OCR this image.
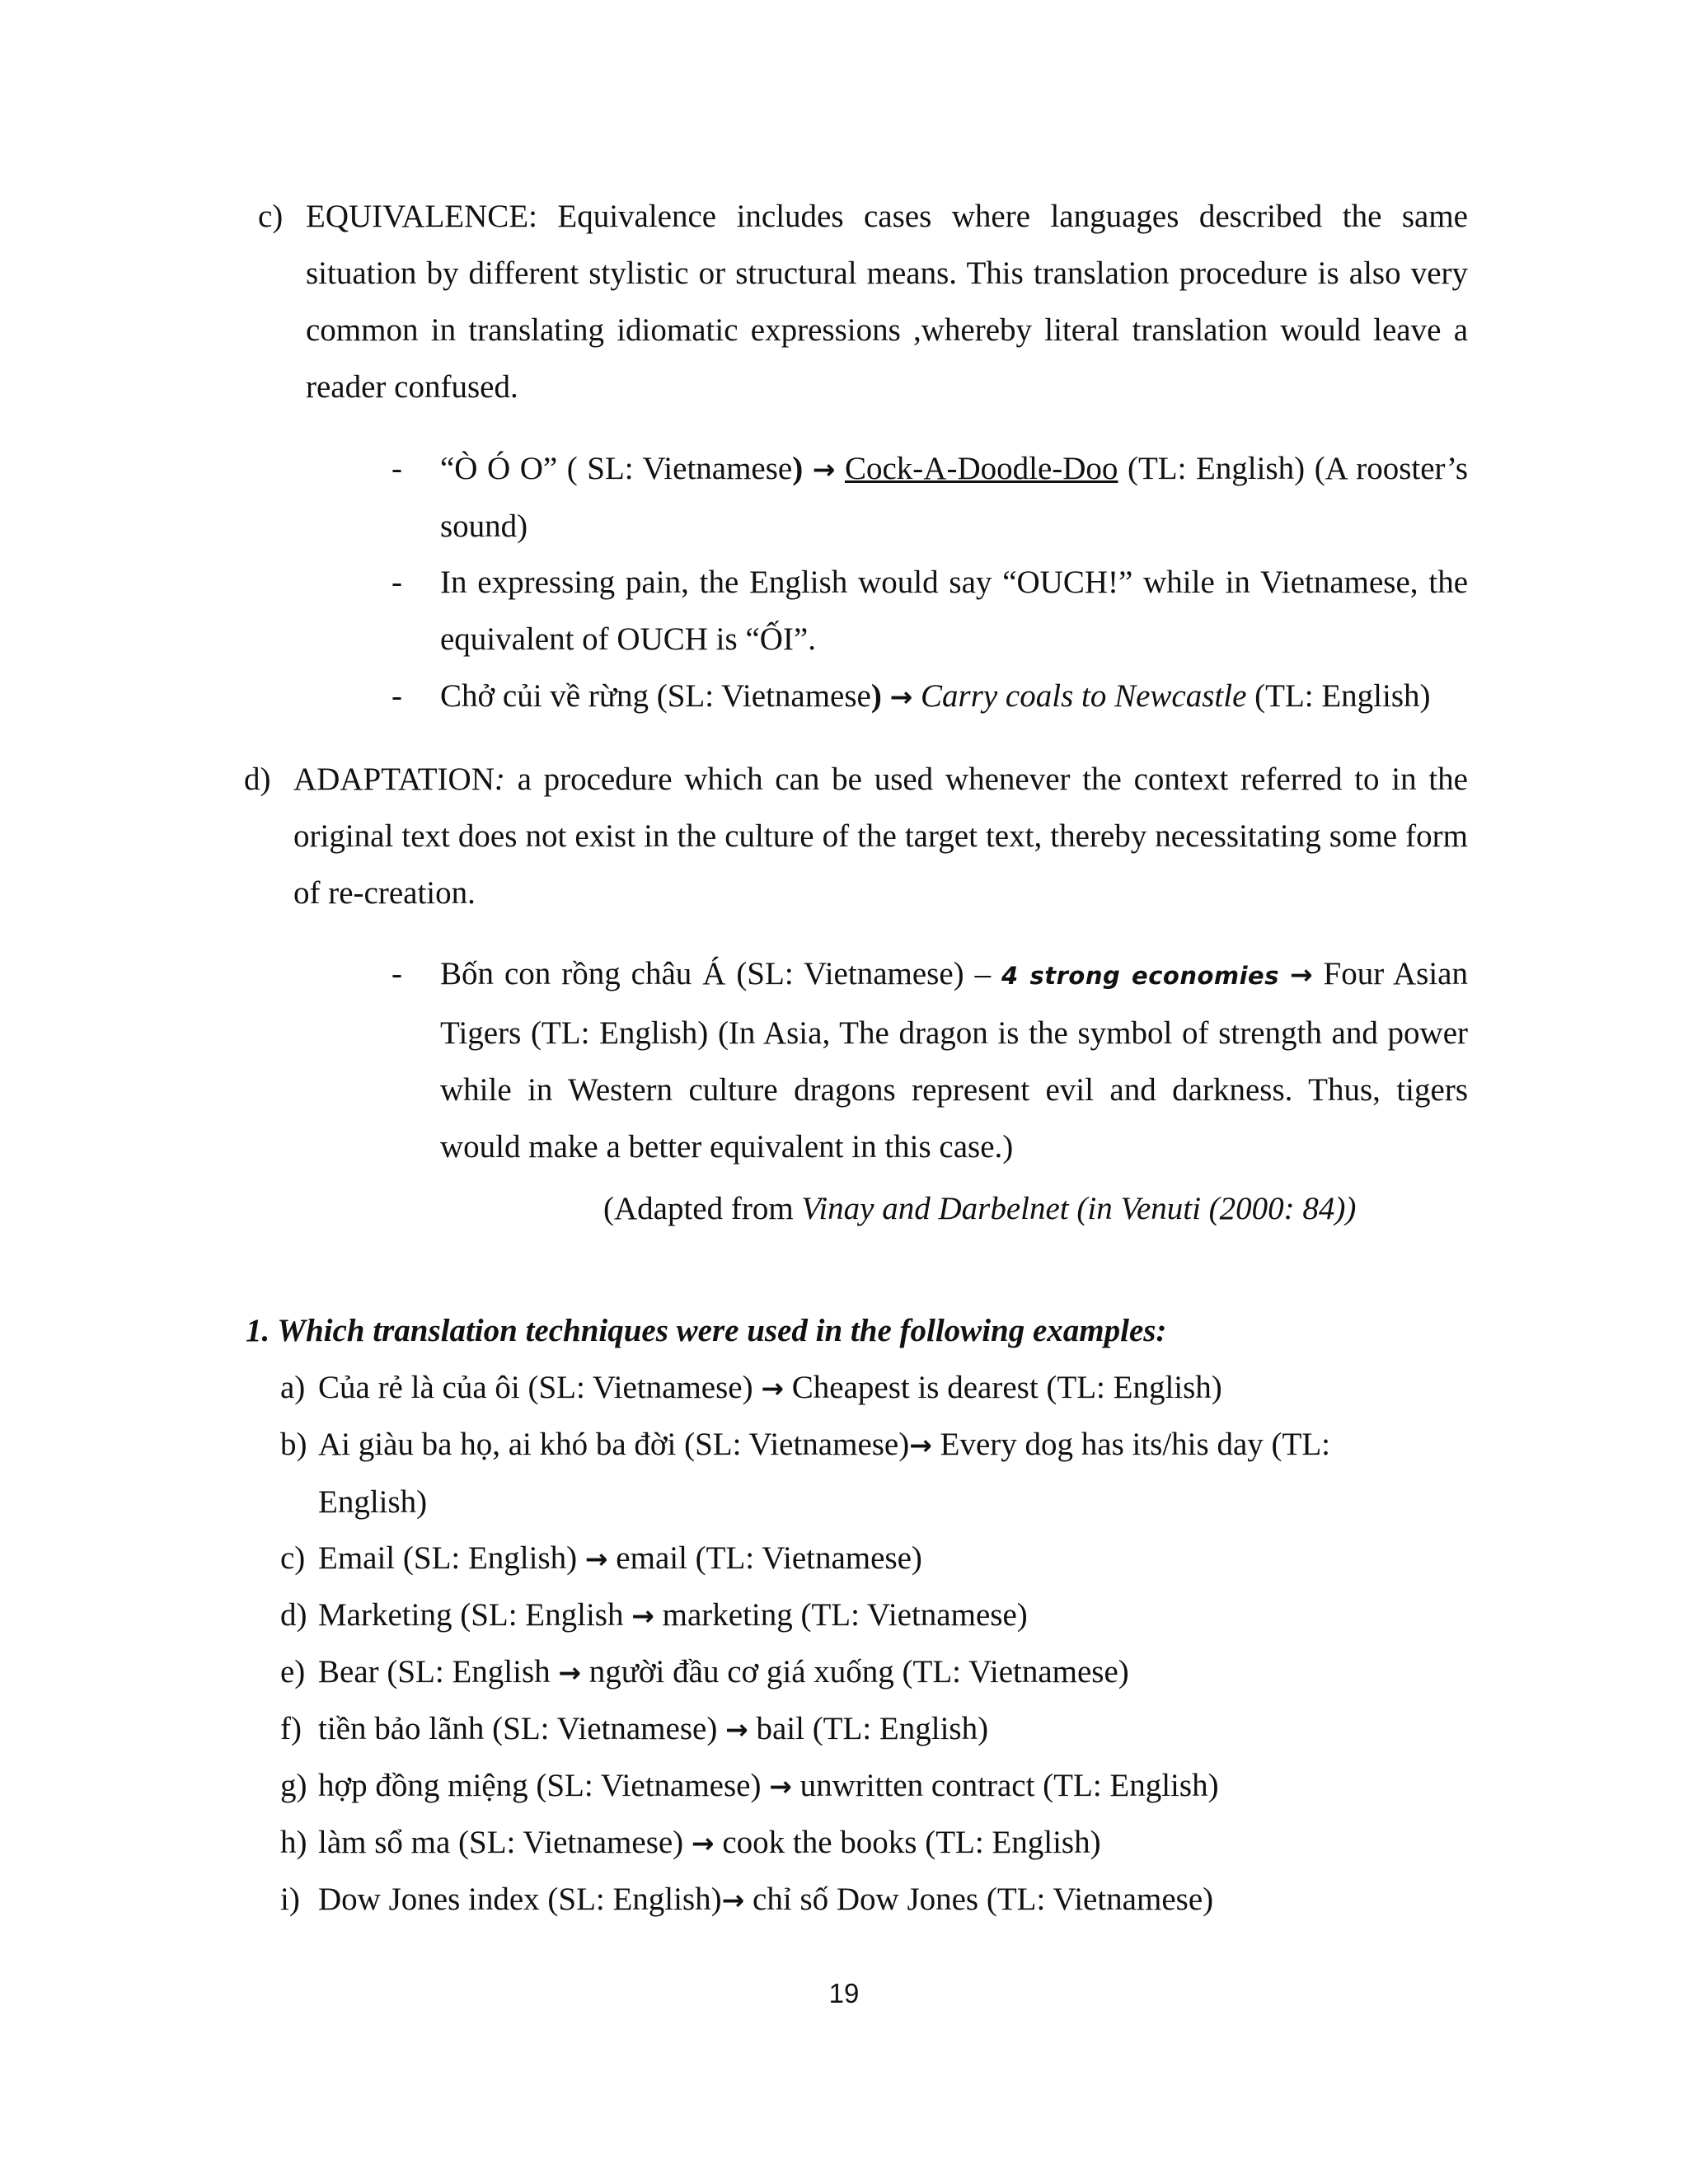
c) EQUIVALENCE: Equivalence includes cases where languages described the same situation by different stylistic or structural means. This translation procedure is also very common in translating idiomatic expressions ,whereby literal translation would leave a reader confused.
- “Ò Ó O” ( SL: Vietnamese) → Cock-A-Doodle-Doo (TL: English) (A rooster’s sound)
- In expressing pain, the English would say “OUCH!” while in Vietnamese, the equivalent of OUCH is “ỐI”.
- Chở củi về rừng (SL: Vietnamese) → Carry coals to Newcastle (TL: English)
d) ADAPTATION: a procedure which can be used whenever the context referred to in the original text does not exist in the culture of the target text, thereby necessitating some form of re-creation.
- Bốn con rồng châu Á (SL: Vietnamese) – 4 strong economies → Four Asian Tigers (TL: English) (In Asia, The dragon is the symbol of strength and power while in Western culture dragons represent evil and darkness. Thus, tigers would make a better equivalent in this case.)
(Adapted from Vinay and Darbelnet (in Venuti (2000: 84))
1. Which translation techniques were used in the following examples:
a) Của rẻ là của ôi (SL: Vietnamese) → Cheapest is dearest (TL: English)
b) Ai giàu ba họ, ai khó ba đời (SL: Vietnamese)→ Every dog has its/his day (TL: English)
c) Email (SL: English) → email (TL: Vietnamese)
d) Marketing (SL: English → marketing (TL: Vietnamese)
e) Bear (SL: English → người đầu cơ giá xuống (TL: Vietnamese)
f) tiền bảo lãnh (SL: Vietnamese) → bail (TL: English)
g) hợp đồng miệng (SL: Vietnamese) → unwritten contract (TL: English)
h) làm sổ ma (SL: Vietnamese) → cook the books (TL: English)
i) Dow Jones index (SL: English)→ chỉ số Dow Jones (TL: Vietnamese)
19
